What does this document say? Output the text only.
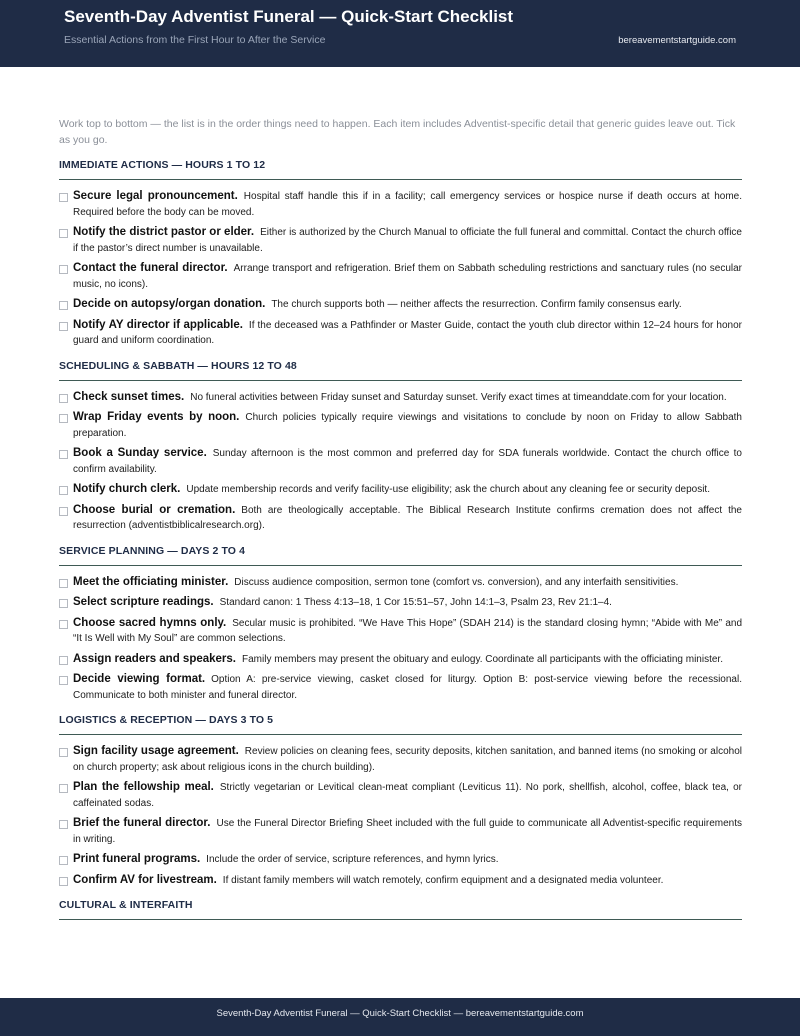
Seventh-Day Adventist Funeral — Quick-Start Checklist
Essential Actions from the First Hour to After the Service	bereavementstartguide.com

Work top to bottom — the list is in the order things need to happen. Each item includes Adventist-specific detail that generic guides leave out. Tick as you go.

IMMEDIATE ACTIONS — HOURS 1 TO 12
Secure legal pronouncement. Hospital staff handle this if in a facility; call emergency services or hospice nurse if death occurs at home. Required before the body can be moved.
Notify the district pastor or elder. Either is authorized by the Church Manual to officiate the full funeral and committal. Contact the church office if the pastor’s direct number is unavailable.
Contact the funeral director. Arrange transport and refrigeration. Brief them on Sabbath scheduling restrictions and sanctuary rules (no secular music, no icons).
Decide on autopsy/organ donation. The church supports both — neither affects the resurrection. Confirm family consensus early.
Notify AY director if applicable. If the deceased was a Pathfinder or Master Guide, contact the youth club director within 12–24 hours for honor guard and uniform coordination.
SCHEDULING & SABBATH — HOURS 12 TO 48
Check sunset times. No funeral activities between Friday sunset and Saturday sunset. Verify exact times at timeanddate.com for your location.
Wrap Friday events by noon. Church policies typically require viewings and visitations to conclude by noon on Friday to allow Sabbath preparation.
Book a Sunday service. Sunday afternoon is the most common and preferred day for SDA funerals worldwide. Contact the church office to confirm availability.
Notify church clerk. Update membership records and verify facility-use eligibility; ask the church about any cleaning fee or security deposit.
Choose burial or cremation. Both are theologically acceptable. The Biblical Research Institute confirms cremation does not affect the resurrection (adventistbiblicalresearch.org).
SERVICE PLANNING — DAYS 2 TO 4
Meet the officiating minister. Discuss audience composition, sermon tone (comfort vs. conversion), and any interfaith sensitivities.
Select scripture readings. Standard canon: 1 Thess 4:13–18, 1 Cor 15:51–57, John 14:1–3, Psalm 23, Rev 21:1–4.
Choose sacred hymns only. Secular music is prohibited. “We Have This Hope” (SDAH 214) is the standard closing hymn; “Abide with Me” and “It Is Well with My Soul” are common selections.
Assign readers and speakers. Family members may present the obituary and eulogy. Coordinate all participants with the officiating minister.
Decide viewing format. Option A: pre-service viewing, casket closed for liturgy. Option B: post-service viewing before the recessional. Communicate to both minister and funeral director.
LOGISTICS & RECEPTION — DAYS 3 TO 5
Sign facility usage agreement. Review policies on cleaning fees, security deposits, kitchen sanitation, and banned items (no smoking or alcohol on church property; ask about religious icons in the church building).
Plan the fellowship meal. Strictly vegetarian or Levitical clean-meat compliant (Leviticus 11). No pork, shellfish, alcohol, coffee, black tea, or caffeinated sodas.
Brief the funeral director. Use the Funeral Director Briefing Sheet included with the full guide to communicate all Adventist-specific requirements in writing.
Print funeral programs. Include the order of service, scripture references, and hymn lyrics.
Confirm AV for livestream. If distant family members will watch remotely, confirm equipment and a designated media volunteer.
CULTURAL & INTERFAITH
Seventh-Day Adventist Funeral — Quick-Start Checklist — bereavementstartguide.com
